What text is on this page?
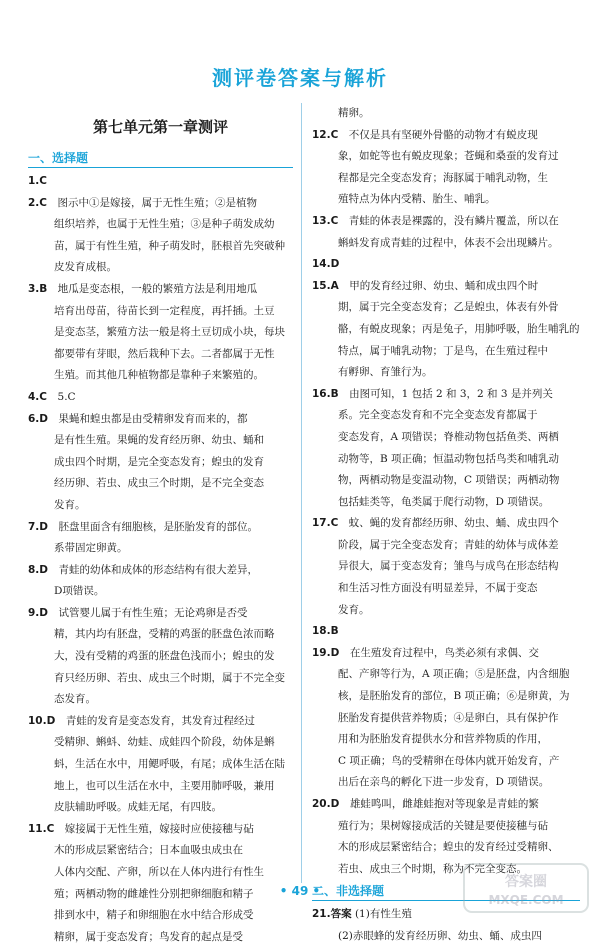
测评卷答案与解析
第七单元第一章测评
一、选择题

1.C

2.C　图示中①是嫁接，属于无性生殖；②是植物

组织培养，也属于无性生殖；③是种子萌发成幼

苗，属于有性生殖，种子萌发时，胚根首先突破种

皮发育成根。

3.B　地瓜是变态根，一般的繁殖方法是利用地瓜

培育出母苗，待苗长到一定程度，再扦插。土豆

是变态茎，繁殖方法一般是将土豆切成小块，每块

都要带有芽眼，然后栽种下去。二者都属于无性

生殖。而其他几种植物都是靠种子来繁殖的。

4.C　5.C

6.D　果蝇和蝗虫都是由受精卵发育而来的，都

是有性生殖。果蝇的发育经历卵、幼虫、蛹和

成虫四个时期，是完全变态发育；蝗虫的发育

经历卵、若虫、成虫三个时期，是不完全变态

发育。

7.D　胚盘里面含有细胞核，是胚胎发育的部位。

系带固定卵黄。

8.D　青蛙的幼体和成体的形态结构有很大差异，

D项错误。

9.D　试管婴儿属于有性生殖；无论鸡卵是否受

精，其内均有胚盘，受精的鸡蛋的胚盘色浓而略

大，没有受精的鸡蛋的胚盘色浅而小；蝗虫的发

育只经历卵、若虫、成虫三个时期，属于不完全变

态发育。

10.D　青蛙的发育是变态发育，其发育过程经过

受精卵、蝌蚪、幼蛙、成蛙四个阶段，幼体是蝌

蚪，生活在水中，用鳃呼吸，有尾；成体生活在陆

地上，也可以生活在水中，主要用肺呼吸，兼用

皮肤辅助呼吸。成蛙无尾，有四肢。

11.C　嫁接属于无性生殖，嫁接时应使接穗与砧

木的形成层紧密结合；日本血吸虫成虫在

人体内交配、产卵，所以在人体内进行有性生

殖；两栖动物的雌雄性分别把卵细胞和精子

排到水中，精子和卵细胞在水中结合形成受

精卵，属于变态发育；鸟发育的起点是受

精卵。

12.C　不仅是具有坚硬外骨骼的动物才有蜕皮现

象，如蛇等也有蜕皮现象；苍蝇和桑蚕的发育过

程都是完全变态发育；海豚属于哺乳动物，生

殖特点为体内受精、胎生、哺乳。

13.C　青蛙的体表是裸露的，没有鳞片覆盖，所以在

蝌蚪发育成青蛙的过程中，体表不会出现鳞片。

14.D

15.A　甲的发育经过卵、幼虫、蛹和成虫四个时

期，属于完全变态发育；乙是蝗虫，体表有外骨

骼，有蜕皮现象；丙是兔子，用肺呼吸，胎生哺乳的

特点，属于哺乳动物；丁是鸟，在生殖过程中

有孵卵、育雏行为。

16.B　由图可知，1 包括 2 和 3，2 和 3 是并列关

系。完全变态发育和不完全变态发育都属于

变态发育，A 项错误；脊椎动物包括鱼类、两栖

动物等，B 项正确；恒温动物包括鸟类和哺乳动

物，两栖动物是变温动物，C 项错误；两栖动物

包括蛙类等，龟类属于爬行动物，D 项错误。

17.C　蚊、蝇的发育都经历卵、幼虫、蛹、成虫四个

阶段，属于完全变态发育；青蛙的幼体与成体差

异很大，属于变态发育；雏鸟与成鸟在形态结构

和生活习性方面没有明显差异，不属于变态

发育。

18.B

19.D　在生殖发育过程中，鸟类必须有求偶、交

配、产卵等行为，A 项正确；⑤是胚盘，内含细胞

核，是胚胎发育的部位，B 项正确；⑥是卵黄，为

胚胎发育提供营养物质；④是卵白，具有保护作

用和为胚胎发育提供水分和营养物质的作用，

C 项正确；鸟的受精卵在母体内就开始发育，产

出后在亲鸟的孵化下进一步发育，D 项错误。

20.D　雄蛙鸣叫，雌雄蛙抱对等现象是青蛙的繁

殖行为；果树嫁接成活的关键是要使接穗与砧

木的形成层紧密结合；蝗虫的发育经过受精卵、

若虫、成虫三个时期，称为不完全变态。

二、非选择题

21.答案 (1)有性生殖

(2)赤眼蜂的发育经历卵、幼虫、蛹、成虫四

• 49 •
答案圈
MXQE.COM
